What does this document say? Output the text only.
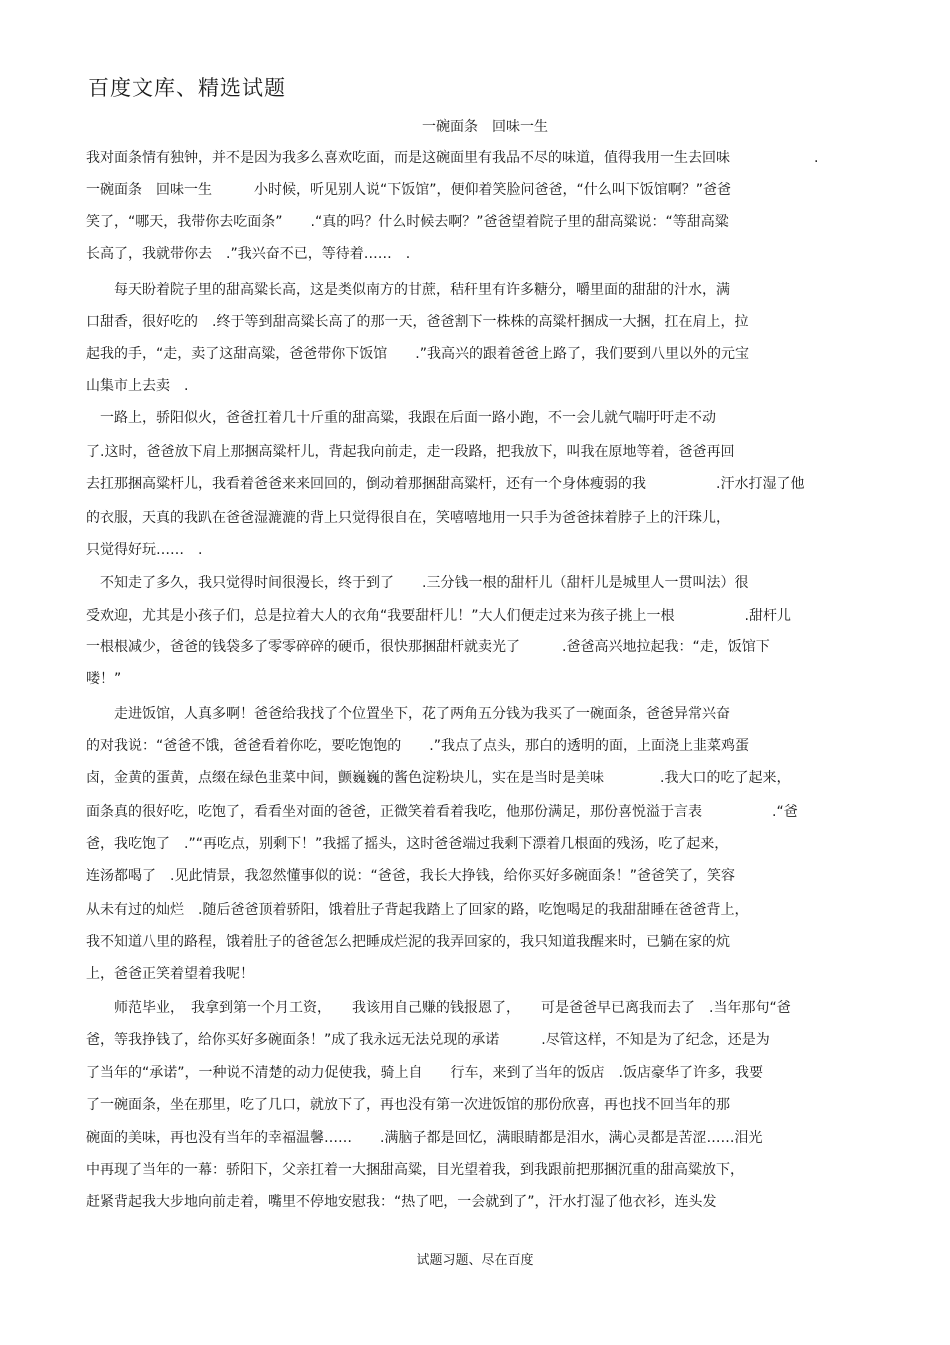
百度文库、精选试题
一碗面条　回味一生
我对面条情有独钟，并不是因为我多么喜欢吃面，而是这碗面里有我品不尽的味道，值得我用一生去回味　　　　　　.
一碗面条　回味一生　　　小时候，听见别人说“下饭馆”，便仰着笑脸问爸爸，“什么叫下饭馆啊？”爸爸
笑了，“哪天，我带你去吃面条”　　.“真的吗？什么时候去啊？”爸爸望着院子里的甜高粱说：“等甜高粱
长高了，我就带你去　.”我兴奋不已，等待着……　.
　　每天盼着院子里的甜高粱长高，这是类似南方的甘蔗，秸秆里有许多糖分，嚼里面的甜甜的汁水，满
口甜香，很好吃的　.终于等到甜高粱长高了的那一天，爸爸割下一株株的高粱杆捆成一大捆，扛在肩上，拉
起我的手，“走，卖了这甜高粱，爸爸带你下饭馆　　.”我高兴的跟着爸爸上路了，我们要到八里以外的元宝
山集市上去卖　.
　一路上，骄阳似火，爸爸扛着几十斤重的甜高粱，我跟在后面一路小跑，不一会儿就气喘吁吁走不动
了.这时，爸爸放下肩上那捆高粱杆儿，背起我向前走，走一段路，把我放下，叫我在原地等着，爸爸再回
去扛那捆高粱杆儿，我看着爸爸来来回回的，倒动着那捆甜高粱杆，还有一个身体瘦弱的我　　　　　.汗水打湿了他
的衣服，天真的我趴在爸爸湿漉漉的背上只觉得很自在，笑嘻嘻地用一只手为爸爸抹着脖子上的汗珠儿，
只觉得好玩……　.
　不知走了多久，我只觉得时间很漫长，终于到了　　.三分钱一根的甜杆儿（甜杆儿是城里人一贯叫法）很
受欢迎，尤其是小孩子们，总是拉着大人的衣角“我要甜杆儿！”大人们便走过来为孩子挑上一根　　　　　.甜杆儿
一根根减少，爸爸的钱袋多了零零碎碎的硬币，很快那捆甜杆就卖光了　　　.爸爸高兴地拉起我：“走，饭馆下
喽！”
　　走进饭馆，人真多啊！爸爸给我找了个位置坐下，花了两角五分钱为我买了一碗面条，爸爸异常兴奋
的对我说：“爸爸不饿，爸爸看着你吃，要吃饱饱的　　.”我点了点头，那白的透明的面，上面浇上韭菜鸡蛋
卤，金黄的蛋黄，点缀在绿色韭菜中间，颤巍巍的酱色淀粉块儿，实在是当时是美味　　　　.我大口的吃了起来，
面条真的很好吃，吃饱了，看看坐对面的爸爸，正微笑着看着我吃，他那份满足，那份喜悦溢于言表　　　　　.“爸
爸，我吃饱了　.”“再吃点，别剩下！”我摇了摇头，这时爸爸端过我剩下漂着几根面的残汤，吃了起来，
连汤都喝了　.见此情景，我忽然懂事似的说：“爸爸，我长大挣钱，给你买好多碗面条！”爸爸笑了，笑容
从未有过的灿烂　.随后爸爸顶着骄阳，饿着肚子背起我踏上了回家的路，吃饱喝足的我甜甜睡在爸爸背上，
我不知道八里的路程，饿着肚子的爸爸怎么把睡成烂泥的我弄回家的，我只知道我醒来时，已躺在家的炕
上，爸爸正笑着望着我呢！
　　师范毕业，　我拿到第一个月工资，　　我该用自己赚的钱报恩了，　　可是爸爸早已离我而去了　.当年那句“爸
爸，等我挣钱了，给你买好多碗面条！”成了我永远无法兑现的承诺　　　.尽管这样，不知是为了纪念，还是为
了当年的“承诺”，一种说不清楚的动力促使我，骑上自　　行车，来到了当年的饭店　.饭店豪华了许多，我要
了一碗面条，坐在那里，吃了几口，就放下了，再也没有第一次进饭馆的那份欣喜，再也找不回当年的那
碗面的美味，再也没有当年的幸福温馨……　　.满脑子都是回忆，满眼睛都是泪水，满心灵都是苦涩……泪光
中再现了当年的一幕：骄阳下，父亲扛着一大捆甜高粱，目光望着我，到我跟前把那捆沉重的甜高粱放下，
赶紧背起我大步地向前走着，嘴里不停地安慰我：“热了吧，一会就到了”，汗水打湿了他衣衫，连头发
试题习题、尽在百度
